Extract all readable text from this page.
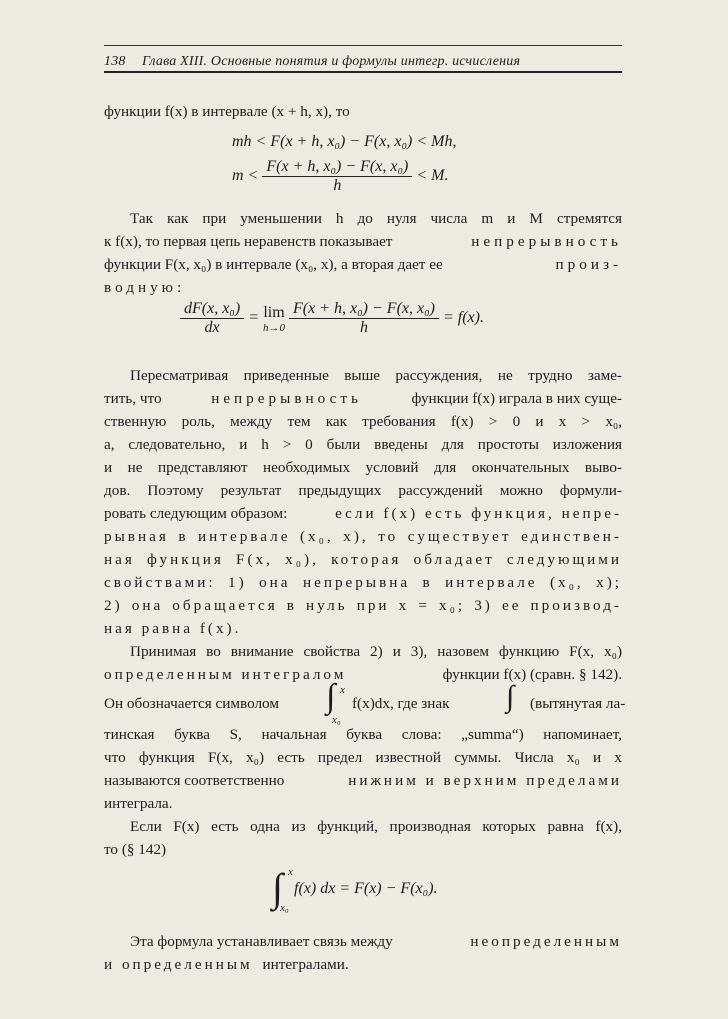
138 Глава XIII. Основные понятия и формулы интегр. исчисления
функции f(x) в интервале (x + h, x), то
mh < F(x + h, x₀) − F(x, x₀) < Mh,
$m < \frac{\text{F(x + h, x₀) − F(x, x₀)}}{h} < M$.
Так как при уменьшении h до нуля числа m и M стремятся
к f(x), то первая цепь неравенств показывает	непрерывность
функции F(x, x₀) в интервале (x₀, x), а вторая дает ее	произ-
водную:
$\frac{\text{dF(x, x₀)}}{dx} = \lim$
h→0
$\frac{\text{F(x + h, x₀) − F(x, x₀)}}{h} = f(x)$.
Пересматривая приведенные выше рассуждения, не трудно заме-
тить, что	непрерывность	функции f(x) играла в них суще-
ственную роль, между тем как требования f(x) > 0 и x > x₀,
а, следовательно, и h > 0 были введены для простоты изложения
и не представляют необходимых условий для окончательных выво-
дов. Поэтому результат предыдущих рассуждений можно формули-
ровать следующим образом:	если f(x) есть функция, непре-
рывная в интервале (x₀, x), то существует единствен-
ная функция F(x, x₀), которая обладает следующими
свойствами: 1) она непрерывна в интервале (x₀, x);
2) она обращается в нуль при x = x₀; 3) ее производ-
ная равна f(x).
Принимая во внимание свойства 2) и 3), назовем функцию F(x, x₀)
определенным интегралом	функции f(x) (сравн. § 142).
Он обозначается символом ∫ x
x₀
f(x)dx, где знак ∫ (вытянутая ла-
тинская буква S, начальная буква слова: „summa“) напоминает,
что функция F(x, x₀) есть предел известной суммы. Числа x₀ и x
называются соответственно	нижним и верхним пределами
интеграла.
Если F(x) есть одна из функций, производная которых равна f(x),
то (§ 142)
∫ x
x₀
f(x) dx = F(x) − F(x₀).
Эта формула устанавливает связь между	неопределенным
и определенным интегралами.
